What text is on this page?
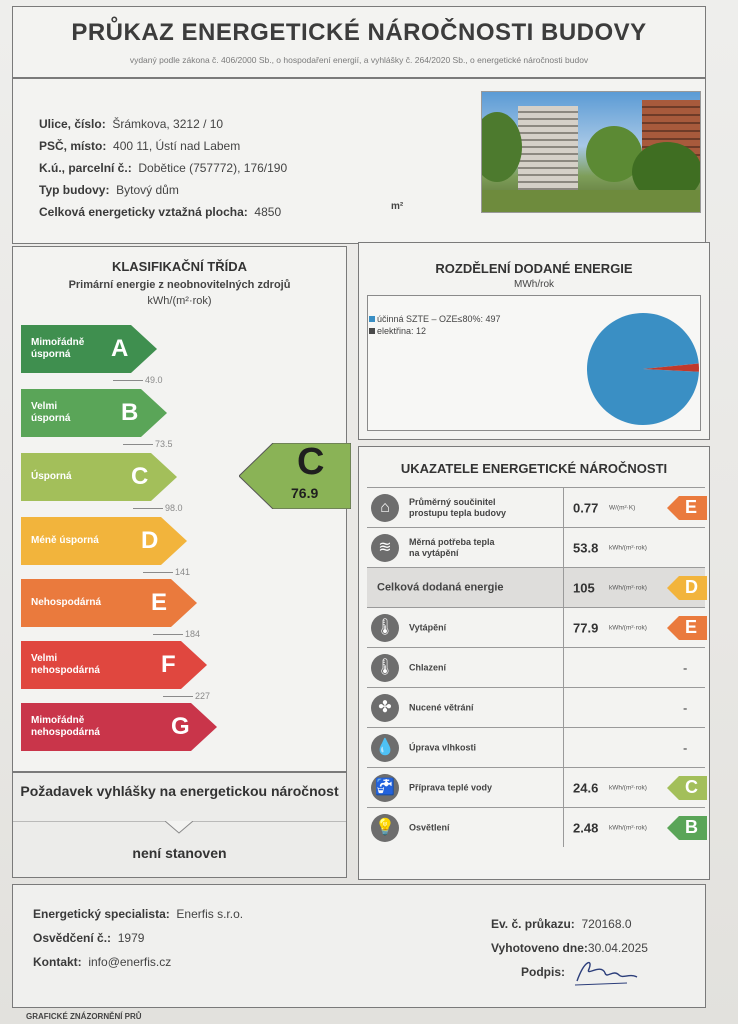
PRŮKAZ ENERGETICKÉ NÁROČNOSTI BUDOVY
vydaný podle zákona č. 406/2000 Sb., o hospodaření energií, a vyhlášky č. 264/2020 Sb., o energetické náročnosti budov
Ulice, číslo: Šrámkova, 3212 / 10
PSČ, místo: 400 11, Ústí nad Labem
K.ú., parcelní č.: Dobětice (757772), 176/190
Typ budovy: Bytový dům
Celková energeticky vztažná plocha: 4850	m²
KLASIFIKAČNÍ TŘÍDA
Primární energie z neobnovitelných zdrojů
kWh/(m²·rok)
Mimořádně
úsporná	A
Velmi
úsporná B
Úsporná C
Méně úsporná D
Nehospodárná E
Velmi
nehospodárná	F
Mimořádně
nehospodárná	G
49.0
73.5
98.0
141
184
227
C
76.9
Požadavek vyhlášky na energetickou náročnost
není stanoven
ROZDĚLENÍ DODANÉ ENERGIE
MWh/rok
účinná SZTE – OZE≤80%: 497
elektřina: 12
UKAZATELE ENERGETICKÉ NÁROČNOSTI
⌂	Průměrný součinitel
prostupu tepla budovy	0.77 W/(m²·K)	E
≋	Měrná potřeba tepla
na vytápění	53.8 kWh/(m²·rok)
Celková dodaná energie	105 kWh/(m²·rok) D
🌡	Vytápění	77.9 kWh/(m²·rok) E
🌡	Chlazení	-
✤	Nucené větrání	-
💧	Úprava vlhkosti	-
🚰	Příprava teplé vody	24.6 kWh/(m²·rok) C
💡	Osvětlení	2.48 kWh/(m²·rok) B
Energetický specialista: Enerfis s.r.o.
Osvědčení č.: 1979
Kontakt: info@enerfis.cz
Ev. č. průkazu: 720168.0
Vyhotoveno dne:30.04.2025
Podpis:
GRAFICKÉ ZNÁZORNĚNÍ PRŮ
